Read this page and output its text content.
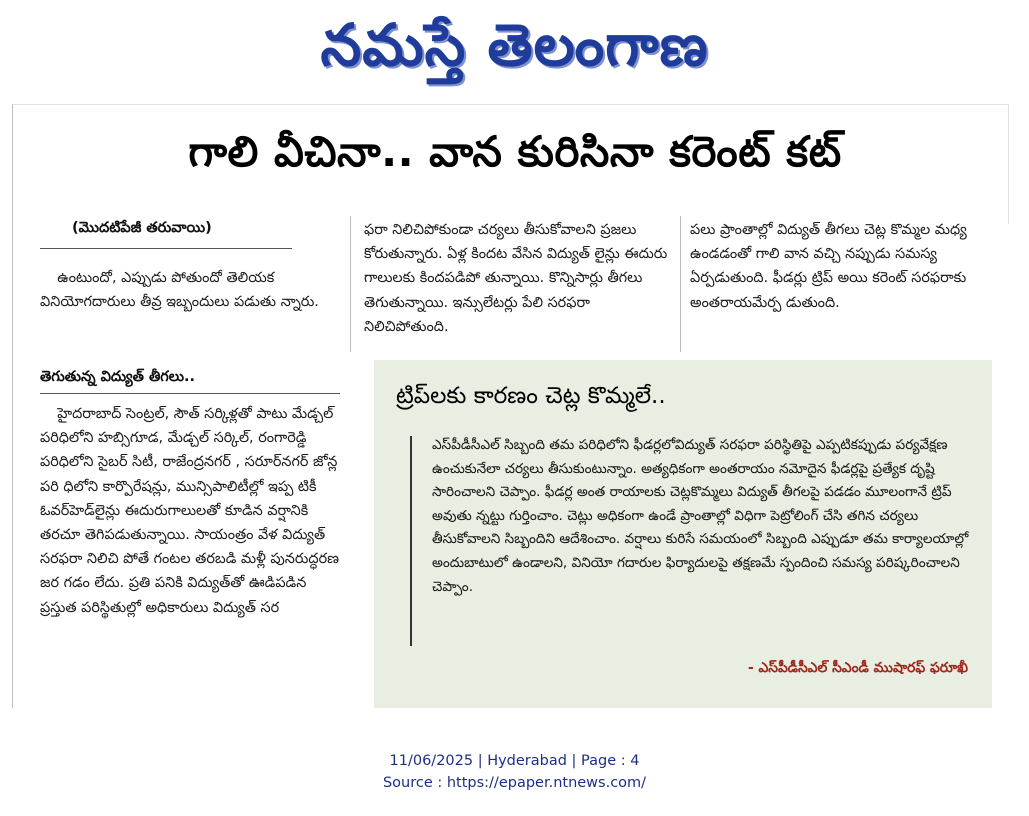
నమస్తే తెలంగాణ
గాలి వీచినా.. వాన కురిసినా కరెంట్ కట్
(మొదటిపేజీ తరువాయి)

ఉంటుందో, ఎప్పుడు పోతుందో తెలియక వినియోగదారులు తీవ్ర ఇబ్బందులు పడుతు న్నారు.

తెగుతున్న విద్యుత్ తీగలు..

హైదరాబాద్ సెంట్రల్, సౌత్ సర్కిళ్లతో పాటు మేడ్చల్ పరిధిలోని హబ్సిగూడ, మేడ్చల్ సర్కిల్, రంగారెడ్డి పరిధిలోని సైబర్ సిటీ, రాజేంద్రనగర్ , సరూర్‌నగర్ జోన్ల పరి ధిలోని కార్పొరేషన్లు, మున్సిపాలిటీల్లో ఇప్ప టికీ ఓవర్‌హెడ్‌లైన్లు ఈదురుగాలులతో కూడిన వర్షానికి తరచూ తెగిపడుతున్నాయి. సాయంత్రం వేళ విద్యుత్ సరఫరా నిలిచి పోతే గంటల తరబడి మళ్లీ పునరుద్ధరణ జర గడం లేదు. ప్రతి పనికి విద్యుత్‌తో ఊడిపడిన ప్రస్తుత పరిస్థితుల్లో అధికారులు విద్యుత్ సర

ఫరా నిలిచిపోకుండా చర్యలు తీసుకోవాలని ప్రజలు కోరుతున్నారు. ఏళ్ల కిందట వేసిన విద్యుత్ లైన్లు ఈదురు గాలులకు కిందపడిపో తున్నాయి. కొన్నిసార్లు తీగలు తెగుతున్నాయి. ఇన్సులేటర్లు పేలి సరఫరా నిలిచిపోతుంది.

పలు ప్రాంతాల్లో విద్యుత్ తీగలు చెట్ల కొమ్మల మధ్య ఉండడంతో గాలి వాన వచ్చి నప్పుడు సమస్య ఏర్పడుతుంది. ఫీడర్లు ట్రిప్ అయి కరెంట్ సరఫరాకు అంతరాయమేర్ప డుతుంది.

ట్రిప్‌లకు కారణం చెట్ల కొమ్మలే..

ఎస్‌పీడీసీఎల్ సిబ్బంది తమ పరిధిలోని ఫీడర్లలోవిద్యుత్ సరఫరా పరిస్థితిపై ఎప్పటికప్పుడు పర్యవేక్షణ ఉంచుకునేలా చర్యలు తీసుకుంటున్నాం. అత్యధికంగా అంతరాయం నమోదైన ఫీడర్లపై ప్రత్యేక దృష్టి సారించాలని చెప్పాం. ఫీడర్ల అంత రాయాలకు చెట్లకొమ్మలు విద్యుత్ తీగలపై పడడం మూలంగానే ట్రిప్ అవుతు న్నట్టు గుర్తించాం. చెట్లు అధికంగా ఉండే ప్రాంతాల్లో విధిగా పెట్రోలింగ్ చేసి తగిన చర్యలు తీసుకోవాలని సిబ్బందిని ఆదేశించాం. వర్షాలు కురిసే సమయంలో సిబ్బంది ఎప్పుడూ తమ కార్యాలయాల్లో అందుబాటులో ఉండాలని, వినియో గదారుల ఫిర్యాదులపై తక్షణమే స్పందించి సమస్య పరిష్కరించాలని చెప్పాం.

- ఎస్‌పీడీసీఎల్ సీఎండీ ముషారఫ్ ఫరూఖీ
11/06/2025 | Hyderabad | Page : 4
Source : https://epaper.ntnews.com/
